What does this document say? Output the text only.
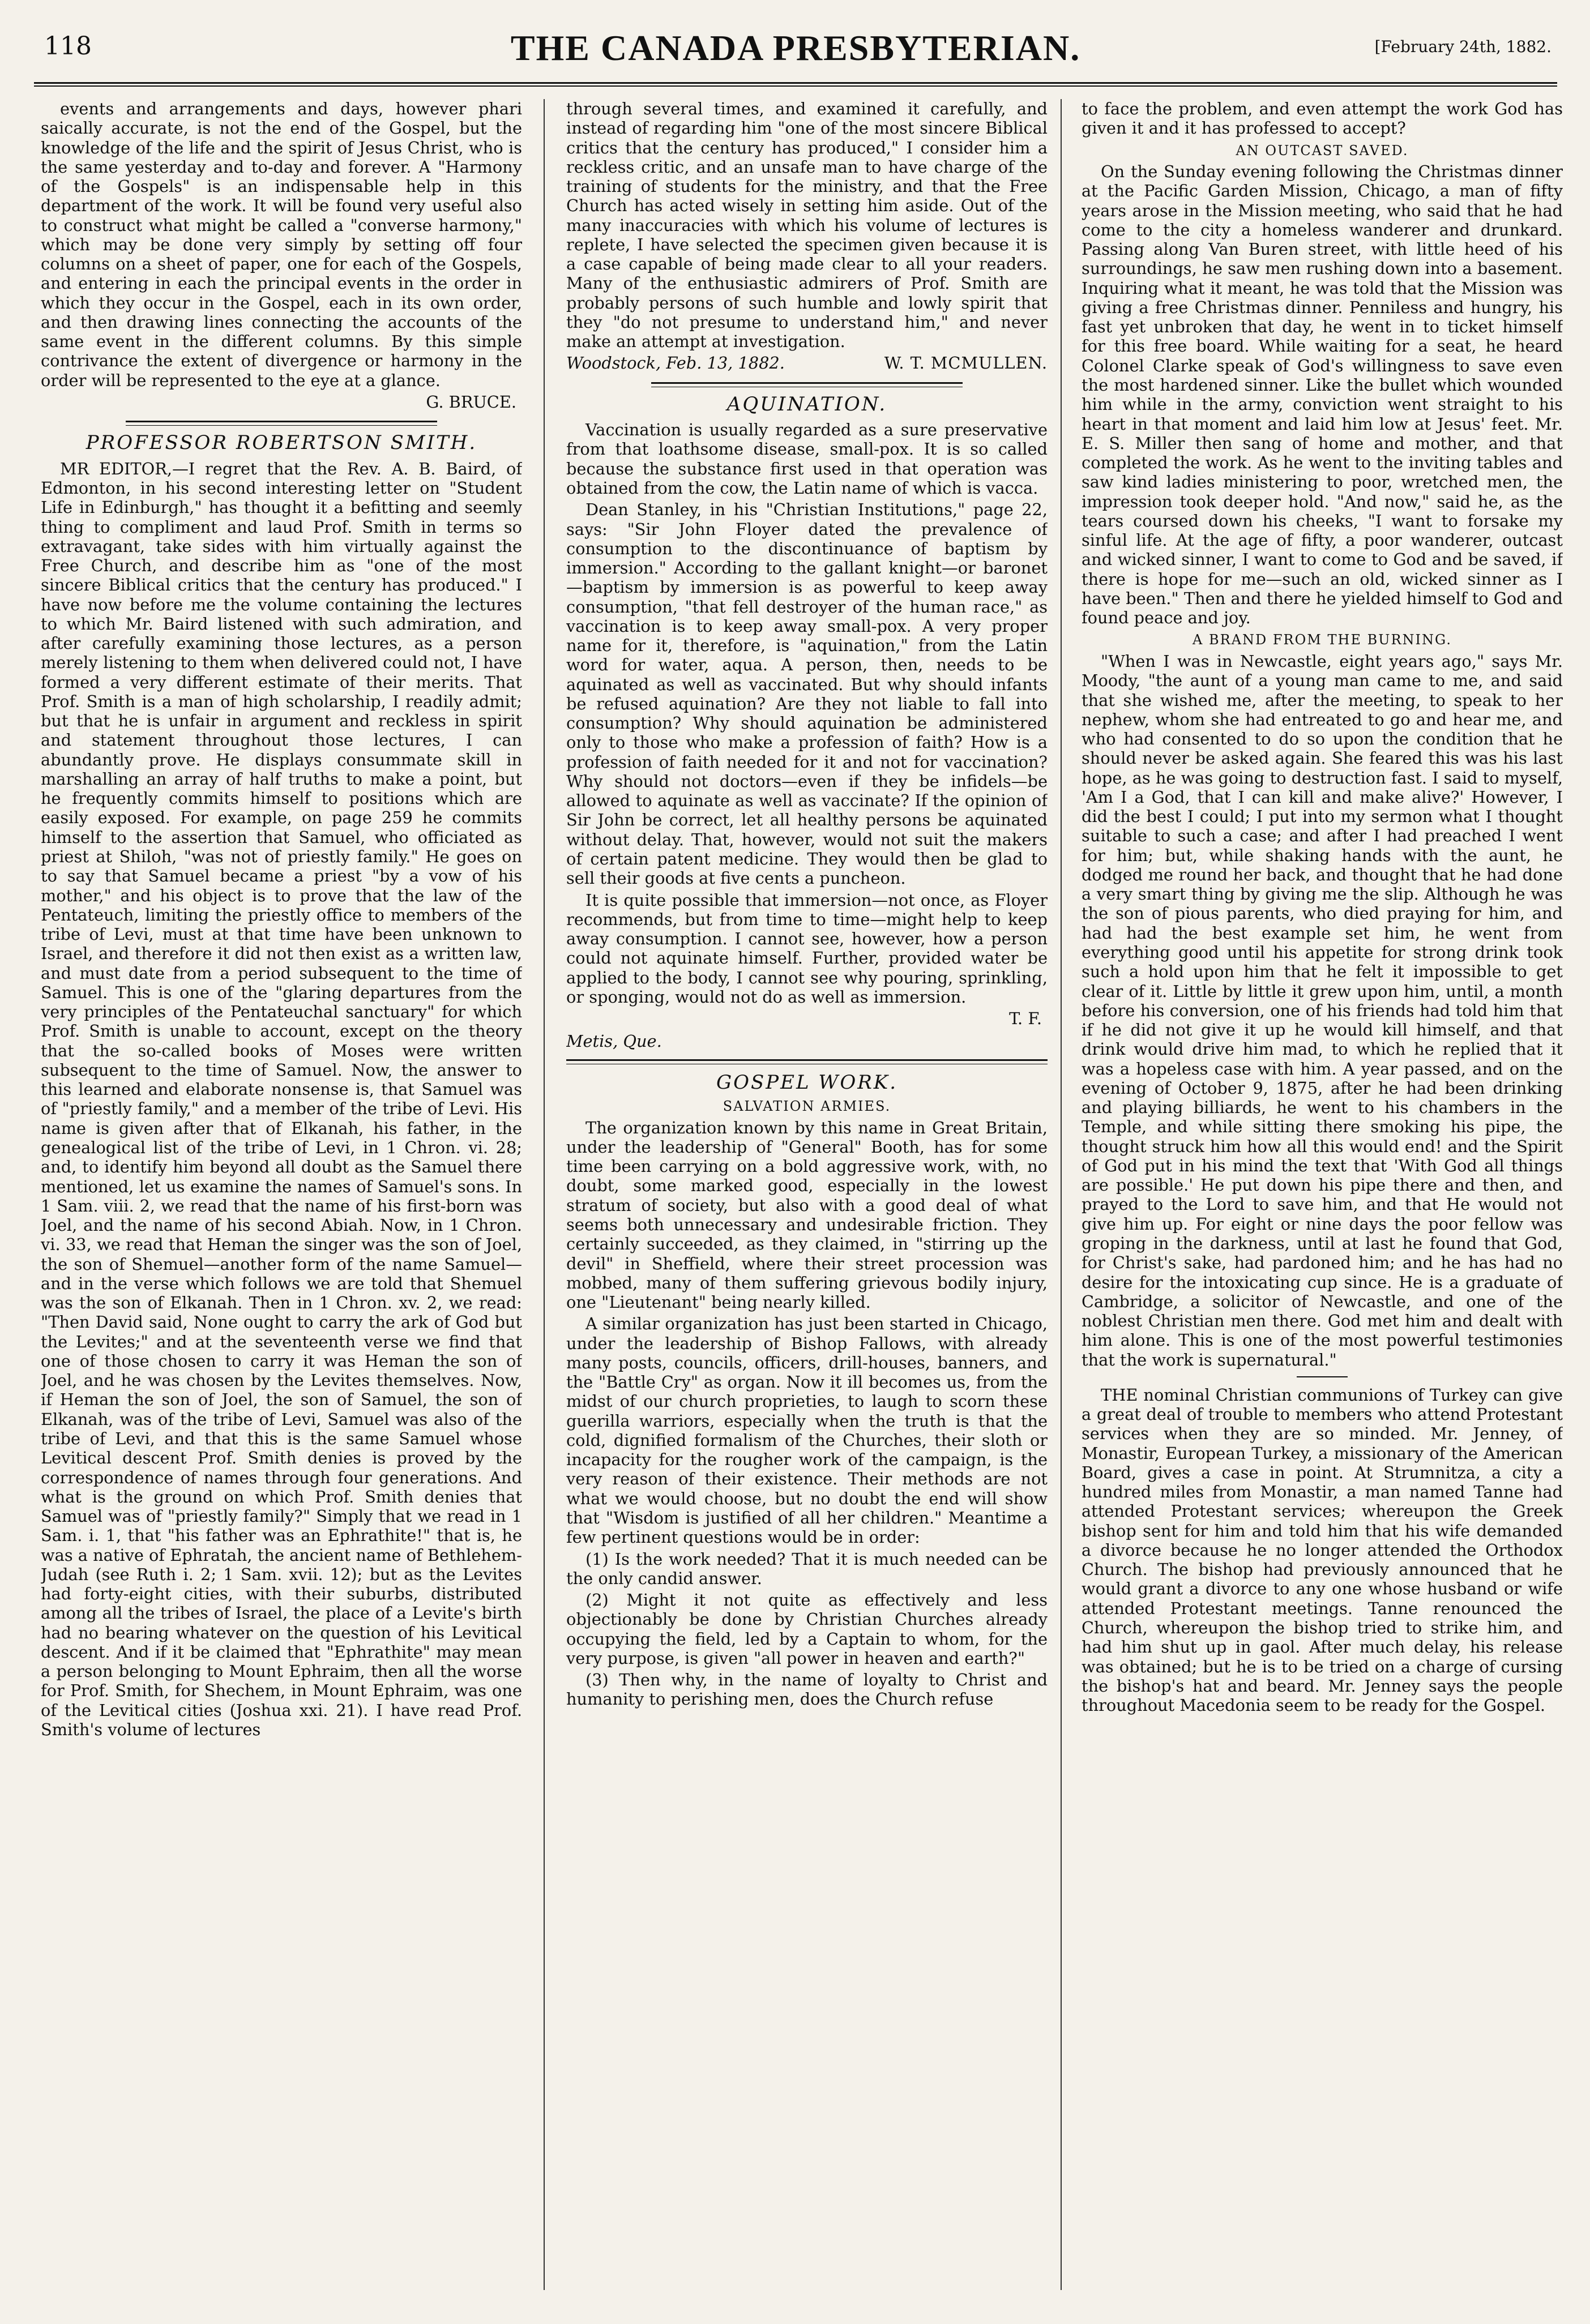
118	THE CANADA PRESBYTERIAN.	[February 24th, 1882.

events and arrangements and days, however phari saically accurate, is not the end of the Gospel, but the knowledge of the life and the spirit of Jesus Christ, who is the same yesterday and to-day and forever. A "Harmony of the Gospels" is an indispensable help in this department of the work. It will be found very useful also to construct what might be called a "converse harmony," which may be done very simply by setting off four columns on a sheet of paper, one for each of the Gospels, and entering in each the principal events in the order in which they occur in the Gospel, each in its own order, and then drawing lines connecting the accounts of the same event in the different columns. By this simple contrivance the extent of divergence or harmony in the order will be represented to the eye at a glance.

G. BRUCE.

PROFESSOR ROBERTSON SMITH.

MR EDITOR,—I regret that the Rev. A. B. Baird, of Edmonton, in his second interesting letter on "Student Life in Edinburgh," has thought it a befitting and seemly thing to compliment and laud Prof. Smith in terms so extravagant, take sides with him virtually against the Free Church, and describe him as "one of the most sincere Biblical critics that the century has produced." I have now before me the volume containing the lectures to which Mr. Baird listened with such admiration, and after carefully examining those lectures, as a person merely listening to them when delivered could not, I have formed a very different estimate of their merits. That Prof. Smith is a man of high scholarship, I readily admit; but that he is unfair in argument and reckless in spirit and statement throughout those lectures, I can abundantly prove. He displays consummate skill in marshalling an array of half truths to make a point, but he frequently commits himself to positions which are easily exposed. For example, on page 259 he commits himself to the assertion that Samuel, who officiated as priest at Shiloh, "was not of priestly family." He goes on to say that Samuel became a priest "by a vow of his mother," and his object is to prove that the law of the Pentateuch, limiting the priestly office to members of the tribe of Levi, must at that time have been unknown to Israel, and therefore it did not then exist as a written law, and must date from a period subsequent to the time of Samuel. This is one of the "glaring departures from the very principles of the Pentateuchal sanctuary" for which Prof. Smith is unable to account, except on the theory that the so-called books of Moses were written subsequent to the time of Samuel. Now, the answer to this learned and elaborate nonsense is, that Samuel was of "priestly family," and a member of the tribe of Levi. His name is given after that of Elkanah, his father, in the genealogical list of the tribe of Levi, in 1 Chron. vi. 28; and, to identify him beyond all doubt as the Samuel there mentioned, let us examine the names of Samuel's sons. In 1 Sam. viii. 2, we read that the name of his first-born was Joel, and the name of his second Abiah. Now, in 1 Chron. vi. 33, we read that Heman the singer was the son of Joel, the son of Shemuel—another form of the name Samuel—and in the verse which follows we are told that Shemuel was the son of Elkanah. Then in 1 Chron. xv. 2, we read: "Then David said, None ought to carry the ark of God but the Levites;" and at the seventeenth verse we find that one of those chosen to carry it was Heman the son of Joel, and he was chosen by the Levites themselves. Now, if Heman the son of Joel, the son of Samuel, the son of Elkanah, was of the tribe of Levi, Samuel was also of the tribe of Levi, and that this is the same Samuel whose Levitical descent Prof. Smith denies is proved by the correspondence of names through four generations. And what is the ground on which Prof. Smith denies that Samuel was of "priestly family?" Simply that we read in 1 Sam. i. 1, that "his father was an Ephrathite!" that is, he was a native of Ephratah, the ancient name of Bethlehem-Judah (see Ruth i. 2; 1 Sam. xvii. 12); but as the Levites had forty-eight cities, with their suburbs, distributed among all the tribes of Israel, the place of a Levite's birth had no bearing whatever on the question of his Levitical descent. And if it be claimed that "Ephrathite" may mean a person belonging to Mount Ephraim, then all the worse for Prof. Smith, for Shechem, in Mount Ephraim, was one of the Levitical cities (Joshua xxi. 21). I have read Prof. Smith's volume of lectures

through several times, and examined it carefully, and instead of regarding him "one of the most sincere Biblical critics that the century has produced," I consider him a reckless critic, and an unsafe man to have charge of the training of students for the ministry, and that the Free Church has acted wisely in setting him aside. Out of the many inaccuracies with which his volume of lectures is replete, I have selected the specimen given because it is a case capable of being made clear to all your readers. Many of the enthusiastic admirers of Prof. Smith are probably persons of such humble and lowly spirit that they "do not presume to understand him," and never make an attempt at investigation.

Woodstock, Feb. 13, 1882.	W. T. MCMULLEN.
AQUINATION.

Vaccination is usually regarded as a sure preservative from that loathsome disease, small-pox. It is so called because the substance first used in that operation was obtained from the cow, the Latin name of which is vacca.

Dean Stanley, in his "Christian Institutions," page 22, says: "Sir John Floyer dated the prevalence of consumption to the discontinuance of baptism by immersion." According to the gallant knight—or baronet—baptism by immersion is as powerful to keep away consumption, "that fell destroyer of the human race," as vaccination is to keep away small-pox. A very proper name for it, therefore, is "aquination," from the Latin word for water, aqua. A person, then, needs to be aquinated as well as vaccinated. But why should infants be refused aquination? Are they not liable to fall into consumption? Why should aquination be administered only to those who make a profession of faith? How is a profession of faith needed for it and not for vaccination? Why should not doctors—even if they be infidels—be allowed to aquinate as well as vaccinate? If the opinion of Sir John be correct, let all healthy persons be aquinated without delay. That, however, would not suit the makers of certain patent medicine. They would then be glad to sell their goods at five cents a puncheon.

It is quite possible that immersion—not once, as Floyer recommends, but from time to time—might help to keep away consumption. I cannot see, however, how a person could not aquinate himself. Further, provided water be applied to the body, I cannot see why pouring, sprinkling, or sponging, would not do as well as immersion.

T. F.

Metis, Que.

GOSPEL WORK.
SALVATION ARMIES.

The organization known by this name in Great Britain, under the leadership of "General" Booth, has for some time been carrying on a bold aggressive work, with, no doubt, some marked good, especially in the lowest stratum of society, but also with a good deal of what seems both unnecessary and undesirable friction. They certainly succeeded, as they claimed, in "stirring up the devil" in Sheffield, where their street procession was mobbed, many of them suffering grievous bodily injury, one "Lieutenant" being nearly killed.

A similar organization has just been started in Chicago, under the leadership of Bishop Fallows, with already many posts, councils, officers, drill-houses, banners, and the "Battle Cry" as organ. Now it ill becomes us, from the midst of our church proprieties, to laugh to scorn these guerilla warriors, especially when the truth is that the cold, dignified formalism of the Churches, their sloth or incapacity for the rougher work of the campaign, is the very reason of their existence. Their methods are not what we would choose, but no doubt the end will show that "Wisdom is justified of all her children." Meantime a few pertinent questions would be in order:

(1) Is the work needed? That it is much needed can be the only candid answer.

(2) Might it not quite as effectively and less objectionably be done by Christian Churches already occupying the field, led by a Captain to whom, for the very purpose, is given "all power in heaven and earth?"

(3) Then why, in the name of loyalty to Christ and humanity to perishing men, does the Church refuse

to face the problem, and even attempt the work God has given it and it has professed to accept?

AN OUTCAST SAVED.

On the Sunday evening following the Christmas dinner at the Pacific Garden Mission, Chicago, a man of fifty years arose in the Mission meeting, who said that he had come to the city a homeless wanderer and drunkard. Passing along Van Buren street, with little heed of his surroundings, he saw men rushing down into a basement. Inquiring what it meant, he was told that the Mission was giving a free Christmas dinner. Penniless and hungry, his fast yet unbroken that day, he went in to ticket himself for this free board. While waiting for a seat, he heard Colonel Clarke speak of God's willingness to save even the most hardened sinner. Like the bullet which wounded him while in the army, conviction went straight to his heart in that moment and laid him low at Jesus' feet. Mr. E. S. Miller then sang of home and mother, and that completed the work. As he went to the inviting tables and saw kind ladies ministering to poor, wretched men, the impression took deeper hold. "And now," said he, as the tears coursed down his cheeks, "I want to forsake my sinful life. At the age of fifty, a poor wanderer, outcast and wicked sinner, I want to come to God and be saved, if there is hope for me—such an old, wicked sinner as I have been." Then and there he yielded himself to God and found peace and joy.

A BRAND FROM THE BURNING.

"When I was in Newcastle, eight years ago," says Mr. Moody, "the aunt of a young man came to me, and said that she wished me, after the meeting, to speak to her nephew, whom she had entreated to go and hear me, and who had consented to do so upon the condition that he should never be asked again. She feared this was his last hope, as he was going to destruction fast. I said to myself, 'Am I a God, that I can kill and make alive?' However, I did the best I could; I put into my sermon what I thought suitable to such a case; and after I had preached I went for him; but, while shaking hands with the aunt, he dodged me round her back, and thought that he had done a very smart thing by giving me the slip. Although he was the son of pious parents, who died praying for him, and had had the best example set him, he went from everything good until his appetite for strong drink took such a hold upon him that he felt it impossible to get clear of it. Little by little it grew upon him, until, a month before his conversion, one of his friends had told him that if he did not give it up he would kill himself, and that drink would drive him mad, to which he replied that it was a hopeless case with him. A year passed, and on the evening of October 9, 1875, after he had been drinking and playing billiards, he went to his chambers in the Temple, and while sitting there smoking his pipe, the thought struck him how all this would end! and the Spirit of God put in his mind the text that 'With God all things are possible.' He put down his pipe there and then, and prayed to the Lord to save him, and that He would not give him up. For eight or nine days the poor fellow was groping in the darkness, until at last he found that God, for Christ's sake, had pardoned him; and he has had no desire for the intoxicating cup since. He is a graduate of Cambridge, a solicitor of Newcastle, and one of the noblest Christian men there. God met him and dealt with him alone. This is one of the most powerful testimonies that the work is supernatural."

THE nominal Christian communions of Turkey can give a great deal of trouble to members who attend Protestant services when they are so minded. Mr. Jenney, of Monastir, European Turkey, a missionary of the American Board, gives a case in point. At Strumnitza, a city a hundred miles from Monastir, a man named Tanne had attended Protestant services; whereupon the Greek bishop sent for him and told him that his wife demanded a divorce because he no longer attended the Orthodox Church. The bishop had previously announced that he would grant a divorce to any one whose husband or wife attended Protestant meetings. Tanne renounced the Church, whereupon the bishop tried to strike him, and had him shut up in gaol. After much delay, his release was obtained; but he is to be tried on a charge of cursing the bishop's hat and beard. Mr. Jenney says the people throughout Macedonia seem to be ready for the Gospel.
